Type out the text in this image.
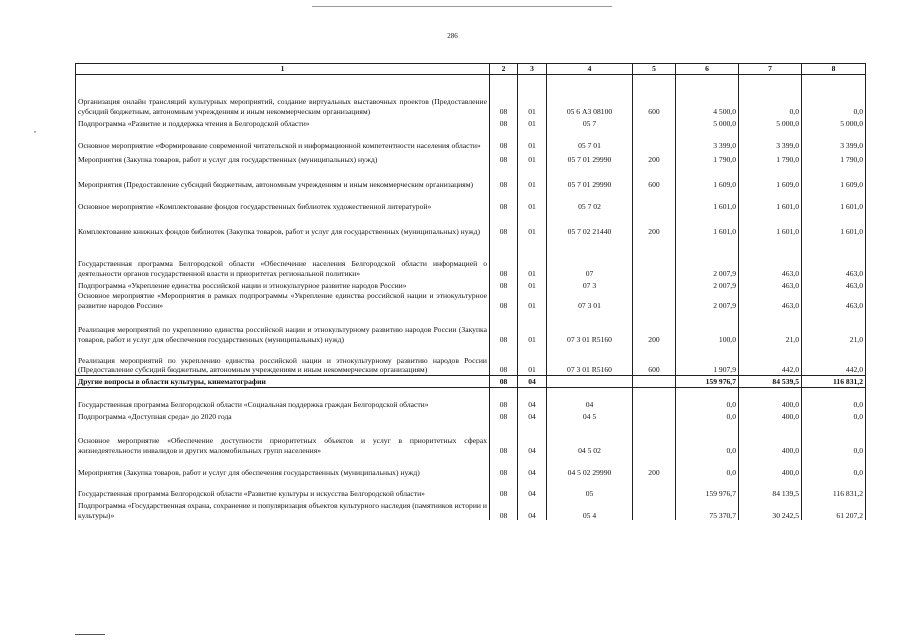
286
,
1	2	3	4	5	6	7	8
Организация онлайн трансляций культурных мероприятий, создание виртуальных выставочных проектов (Предоставление субсидий бюджетным, автономным учреждениям и иным некоммерческим организациям)	08	01	05 6 А3 08100	600	4 500,0	0,0	0,0
Подпрограмма «Развитие и поддержка чтения в Белгородской области»	08	01	05 7		5 000,0	5 000,0	5 000,0
Основное мероприятие «Формирование современной читательской и информационной компетентности населения области»	08	01	05 7 01		3 399,0	3 399,0	3 399,0
Мероприятия (Закупка товаров, работ и услуг для государственных (муниципальных) нужд)	08	01	05 7 01 29990	200	1 790,0	1 790,0	1 790,0
Мероприятия (Предоставление субсидий бюджетным, автономным учреждениям и иным некоммерческим организациям)	08	01	05 7 01 29990	600	1 609,0	1 609,0	1 609,0
Основное мероприятие «Комплектование фондов государственных библиотек художественной литературой»	08	01	05 7 02		1 601,0	1 601,0	1 601,0
Комплектование книжных фондов библиотек (Закупка товаров, работ и услуг для государственных (муниципальных) нужд)	08	01	05 7 02 21440	200	1 601,0	1 601,0	1 601,0
Государственная программа Белгородской области «Обеспечение населения Белгородской области информацией о деятельности органов государственной власти и приоритетах региональной политики»	08	01	07		2 007,9	463,0	463,0
Подпрограмма «Укрепление единства российской нации и этнокультурное развитие народов России»	08	01	07 3		2 007,9	463,0	463,0
Основное мероприятие «Мероприятия в рамках подпрограммы «Укрепление единства российской нации и этнокультурное развитие народов России»	08	01	07 3 01		2 007,9	463,0	463,0
Реализация мероприятий по укреплению единства российской нации и этнокультурному развитию народов России (Закупка товаров, работ и услуг для обеспечения государственных (муниципальных) нужд)	08	01	07 3 01 R5160	200	100,0	21,0	21,0
Реализация мероприятий по укреплению единства российской нации и этнокультурному развитию народов России (Предоставление субсидий бюджетным, автономным учреждениям и иным некоммерческим организациям)	08	01	07 3 01 R5160	600	1 907,9	442,0	442,0
Другие вопросы в области культуры, кинематографии	08	04			159 976,7	84 539,5	116 831,2
Государственная программа Белгородской области «Социальная поддержка граждан Белгородской области»	08	04	04		0,0	400,0	0,0
Подпрограмма «Доступная среда» до 2020 года	08	04	04 5		0,0	400,0	0,0
Основное мероприятие «Обеспечение доступности приоритетных объектов и услуг в приоритетных сферах жизнедеятельности инвалидов и других маломобильных групп населения»	08	04	04 5 02		0,0	400,0	0,0
Мероприятия (Закупка товаров, работ и услуг для обеспечения государственных (муниципальных) нужд)	08	04	04 5 02 29990	200	0,0	400,0	0,0
Государственная программа Белгородской области «Развитие культуры и искусства Белгородской области»	08	04	05		159 976,7	84 139,5	116 831,2
Подпрограмма «Государственная охрана, сохранение и популяризация объектов культурного наследия (памятников истории и культуры)»	08	04	05 4		75 370,7	30 242,5	61 207,2
